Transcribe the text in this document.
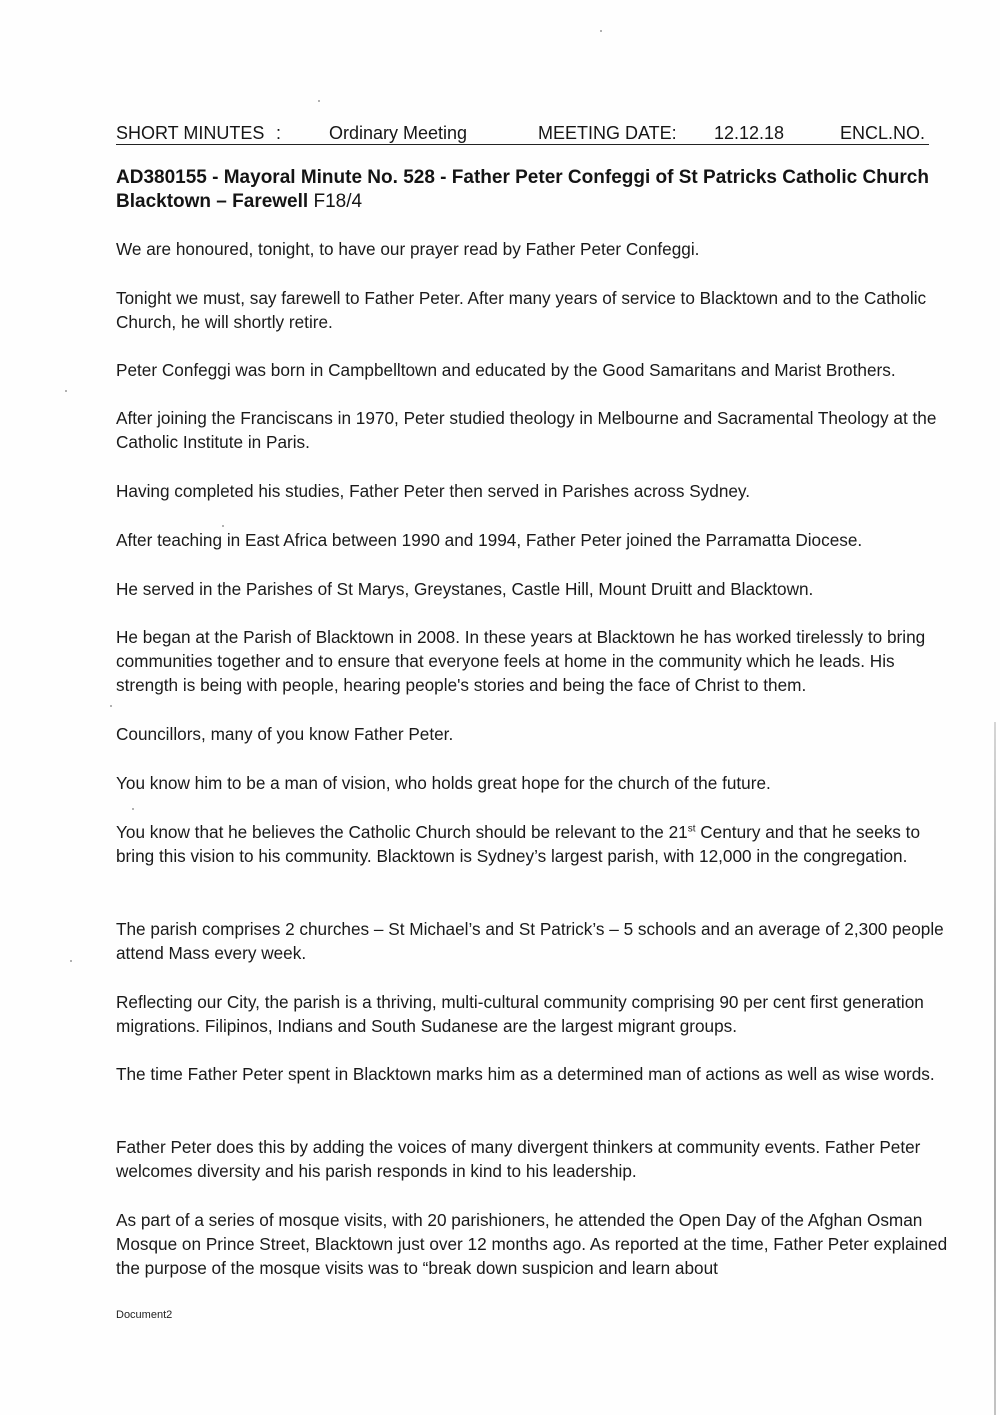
SHORT MINUTES :	Ordinary Meeting	MEETING DATE: 12.12.18	ENCL.NO.
AD380155 - Mayoral Minute No. 528 - Father Peter Confeggi of St Patricks Catholic Church Blacktown – Farewell F18/4

We are honoured, tonight, to have our prayer read by Father Peter Confeggi.

Tonight we must, say farewell to Father Peter. After many years of service to Blacktown and to the Catholic Church, he will shortly retire.

Peter Confeggi was born in Campbelltown and educated by the Good Samaritans and Marist Brothers.

After joining the Franciscans in 1970, Peter studied theology in Melbourne and Sacramental Theology at the Catholic Institute in Paris.

Having completed his studies, Father Peter then served in Parishes across Sydney.

After teaching in East Africa between 1990 and 1994, Father Peter joined the Parramatta Diocese.

He served in the Parishes of St Marys, Greystanes, Castle Hill, Mount Druitt and Blacktown.

He began at the Parish of Blacktown in 2008. In these years at Blacktown he has worked tirelessly to bring communities together and to ensure that everyone feels at home in the community which he leads. His strength is being with people, hearing people's stories and being the face of Christ to them.

Councillors, many of you know Father Peter.

You know him to be a man of vision, who holds great hope for the church of the future.

You know that he believes the Catholic Church should be relevant to the 21st Century and that he seeks to bring this vision to his community. Blacktown is Sydney’s largest parish, with 12,000 in the congregation.

The parish comprises 2 churches – St Michael’s and St Patrick’s – 5 schools and an average of 2,300 people attend Mass every week.

Reflecting our City, the parish is a thriving, multi-cultural community comprising 90 per cent first generation migrations. Filipinos, Indians and South Sudanese are the largest migrant groups.

The time Father Peter spent in Blacktown marks him as a determined man of actions as well as wise words.

Father Peter does this by adding the voices of many divergent thinkers at community events. Father Peter welcomes diversity and his parish responds in kind to his leadership.

As part of a series of mosque visits, with 20 parishioners, he attended the Open Day of the Afghan Osman Mosque on Prince Street, Blacktown just over 12 months ago. As reported at the time, Father Peter explained the purpose of the mosque visits was to “break down suspicion and learn about

Document2
